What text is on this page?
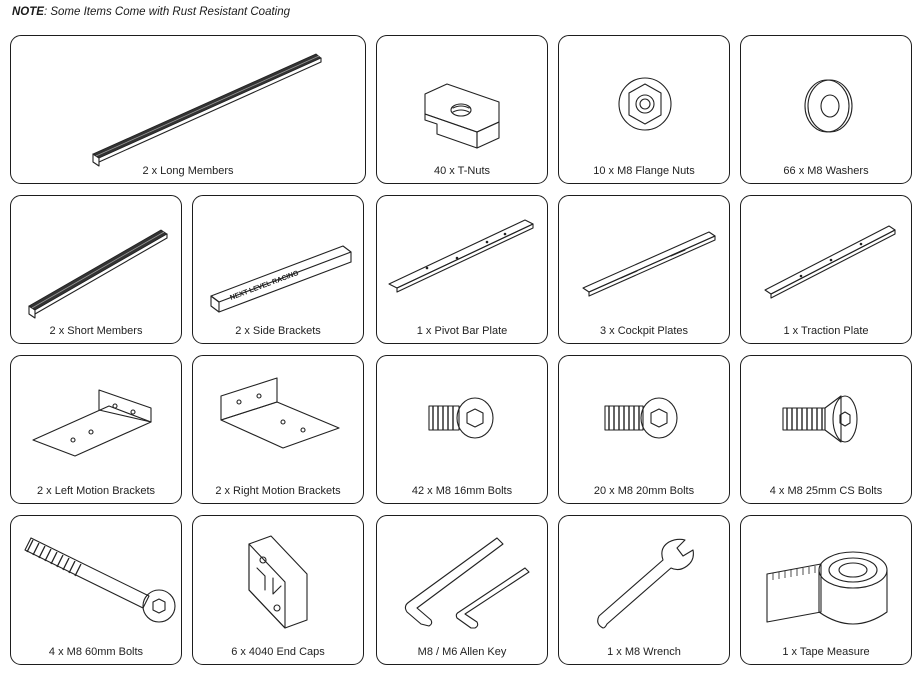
NOTE: Some Items Come with Rust Resistant Coating
2 x Long Members	40 x T-Nuts	10 x M8 Flange Nuts	66 x M8 Washers
2 x Short Members
NEXT LEVEL RACING
2 x Side Brackets	1 x Pivot Bar Plate	3 x Cockpit Plates	1 x Traction Plate
2 x Left Motion Brackets	2 x Right Motion Brackets	42 x M8 16mm Bolts	20 x M8 20mm Bolts	4 x M8 25mm CS Bolts
4 x M8 60mm Bolts	6 x 4040 End Caps	M8 / M6 Allen Key	1 x M8 Wrench	1 x Tape Measure
